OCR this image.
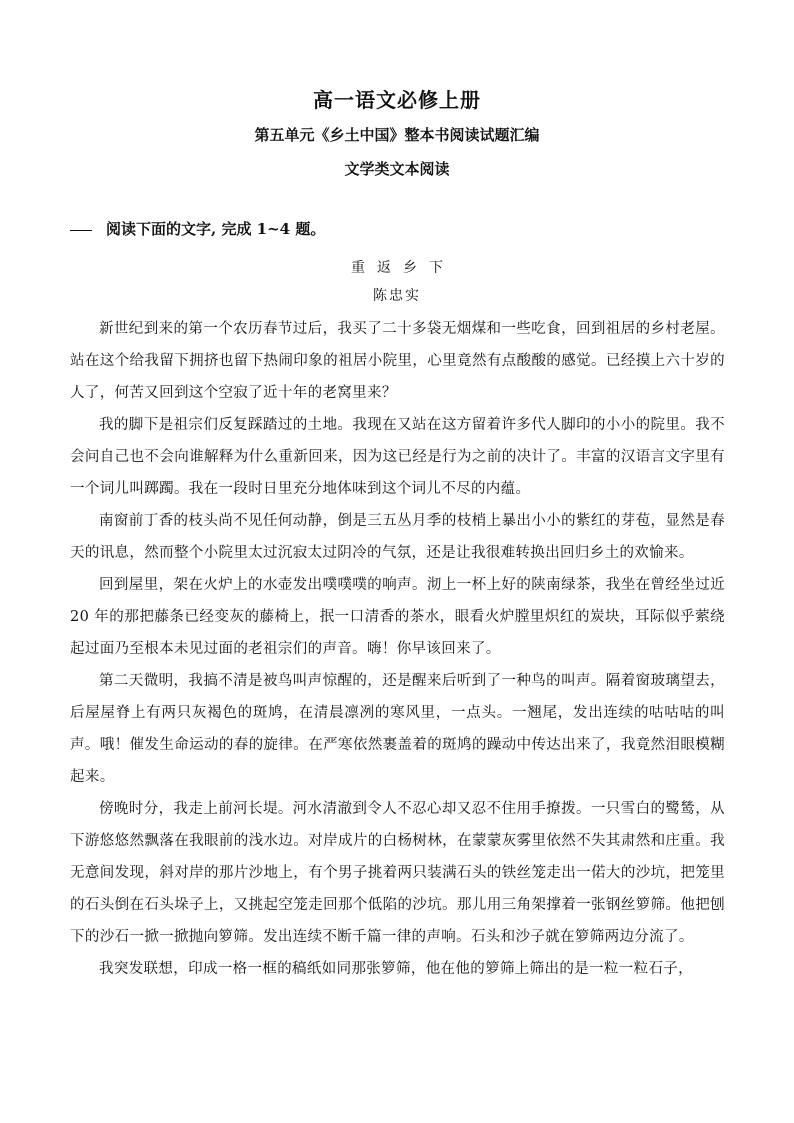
高一语文必修上册
第五单元《乡土中国》整本书阅读试题汇编
文学类文本阅读
阅读下面的文字, 完成 1~4 题。
重返乡下
陈忠实

新世纪到来的第一个农历春节过后，我买了二十多袋无烟煤和一些吃食，回到祖居的乡村老屋。站在这个给我留下拥挤也留下热闹印象的祖居小院里，心里竟然有点酸酸的感觉。已经摸上六十岁的人了，何苦又回到这个空寂了近十年的老窝里来？

我的脚下是祖宗们反复踩踏过的土地。我现在又站在这方留着许多代人脚印的小小的院里。我不会问自己也不会向谁解释为什么重新回来，因为这已经是行为之前的决计了。丰富的汉语言文字里有一个词儿叫踯躅。我在一段时日里充分地体味到这个词儿不尽的内蕴。

南窗前丁香的枝头尚不见任何动静，倒是三五丛月季的枝梢上暴出小小的紫红的芽苞，显然是春天的讯息，然而整个小院里太过沉寂太过阴冷的气氛，还是让我很难转换出回归乡土的欢愉来。

回到屋里，架在火炉上的水壶发出噗噗噗的响声。沏上一杯上好的陕南绿茶，我坐在曾经坐过近 20 年的那把藤条已经变灰的藤椅上，抿一口清香的茶水，眼看火炉膛里炽红的炭块，耳际似乎萦绕起过面乃至根本未见过面的老祖宗们的声音。嗨！你早该回来了。

第二天微明，我搞不清是被鸟叫声惊醒的，还是醒来后听到了一种鸟的叫声。隔着窗玻璃望去，后屋屋脊上有两只灰褐色的斑鸠，在清晨凛冽的寒风里，一点头。一翘尾，发出连续的咕咕咕的叫声。哦！催发生命运动的春的旋律。在严寒依然裹盖着的斑鸠的躁动中传达出来了，我竟然泪眼模糊起来。

傍晚时分，我走上前河长堤。河水清澈到令人不忍心却又忍不住用手撩拨。一只雪白的鹭鸶，从下游悠悠然飘落在我眼前的浅水边。对岸成片的白杨树林，在蒙蒙灰雾里依然不失其肃然和庄重。我无意间发现，斜对岸的那片沙地上，有个男子挑着两只装满石头的铁丝笼走出一偌大的沙坑，把笼里的石头倒在石头垛子上，又挑起空笼走回那个低陷的沙坑。那儿用三角架撑着一张钢丝箩筛。他把刨下的沙石一掀一掀抛向箩筛。发出连续不断千篇一律的声响。石头和沙子就在箩筛两边分流了。

我突发联想，印成一格一框的稿纸如同那张箩筛，他在他的箩筛上筛出的是一粒一粒石子，
